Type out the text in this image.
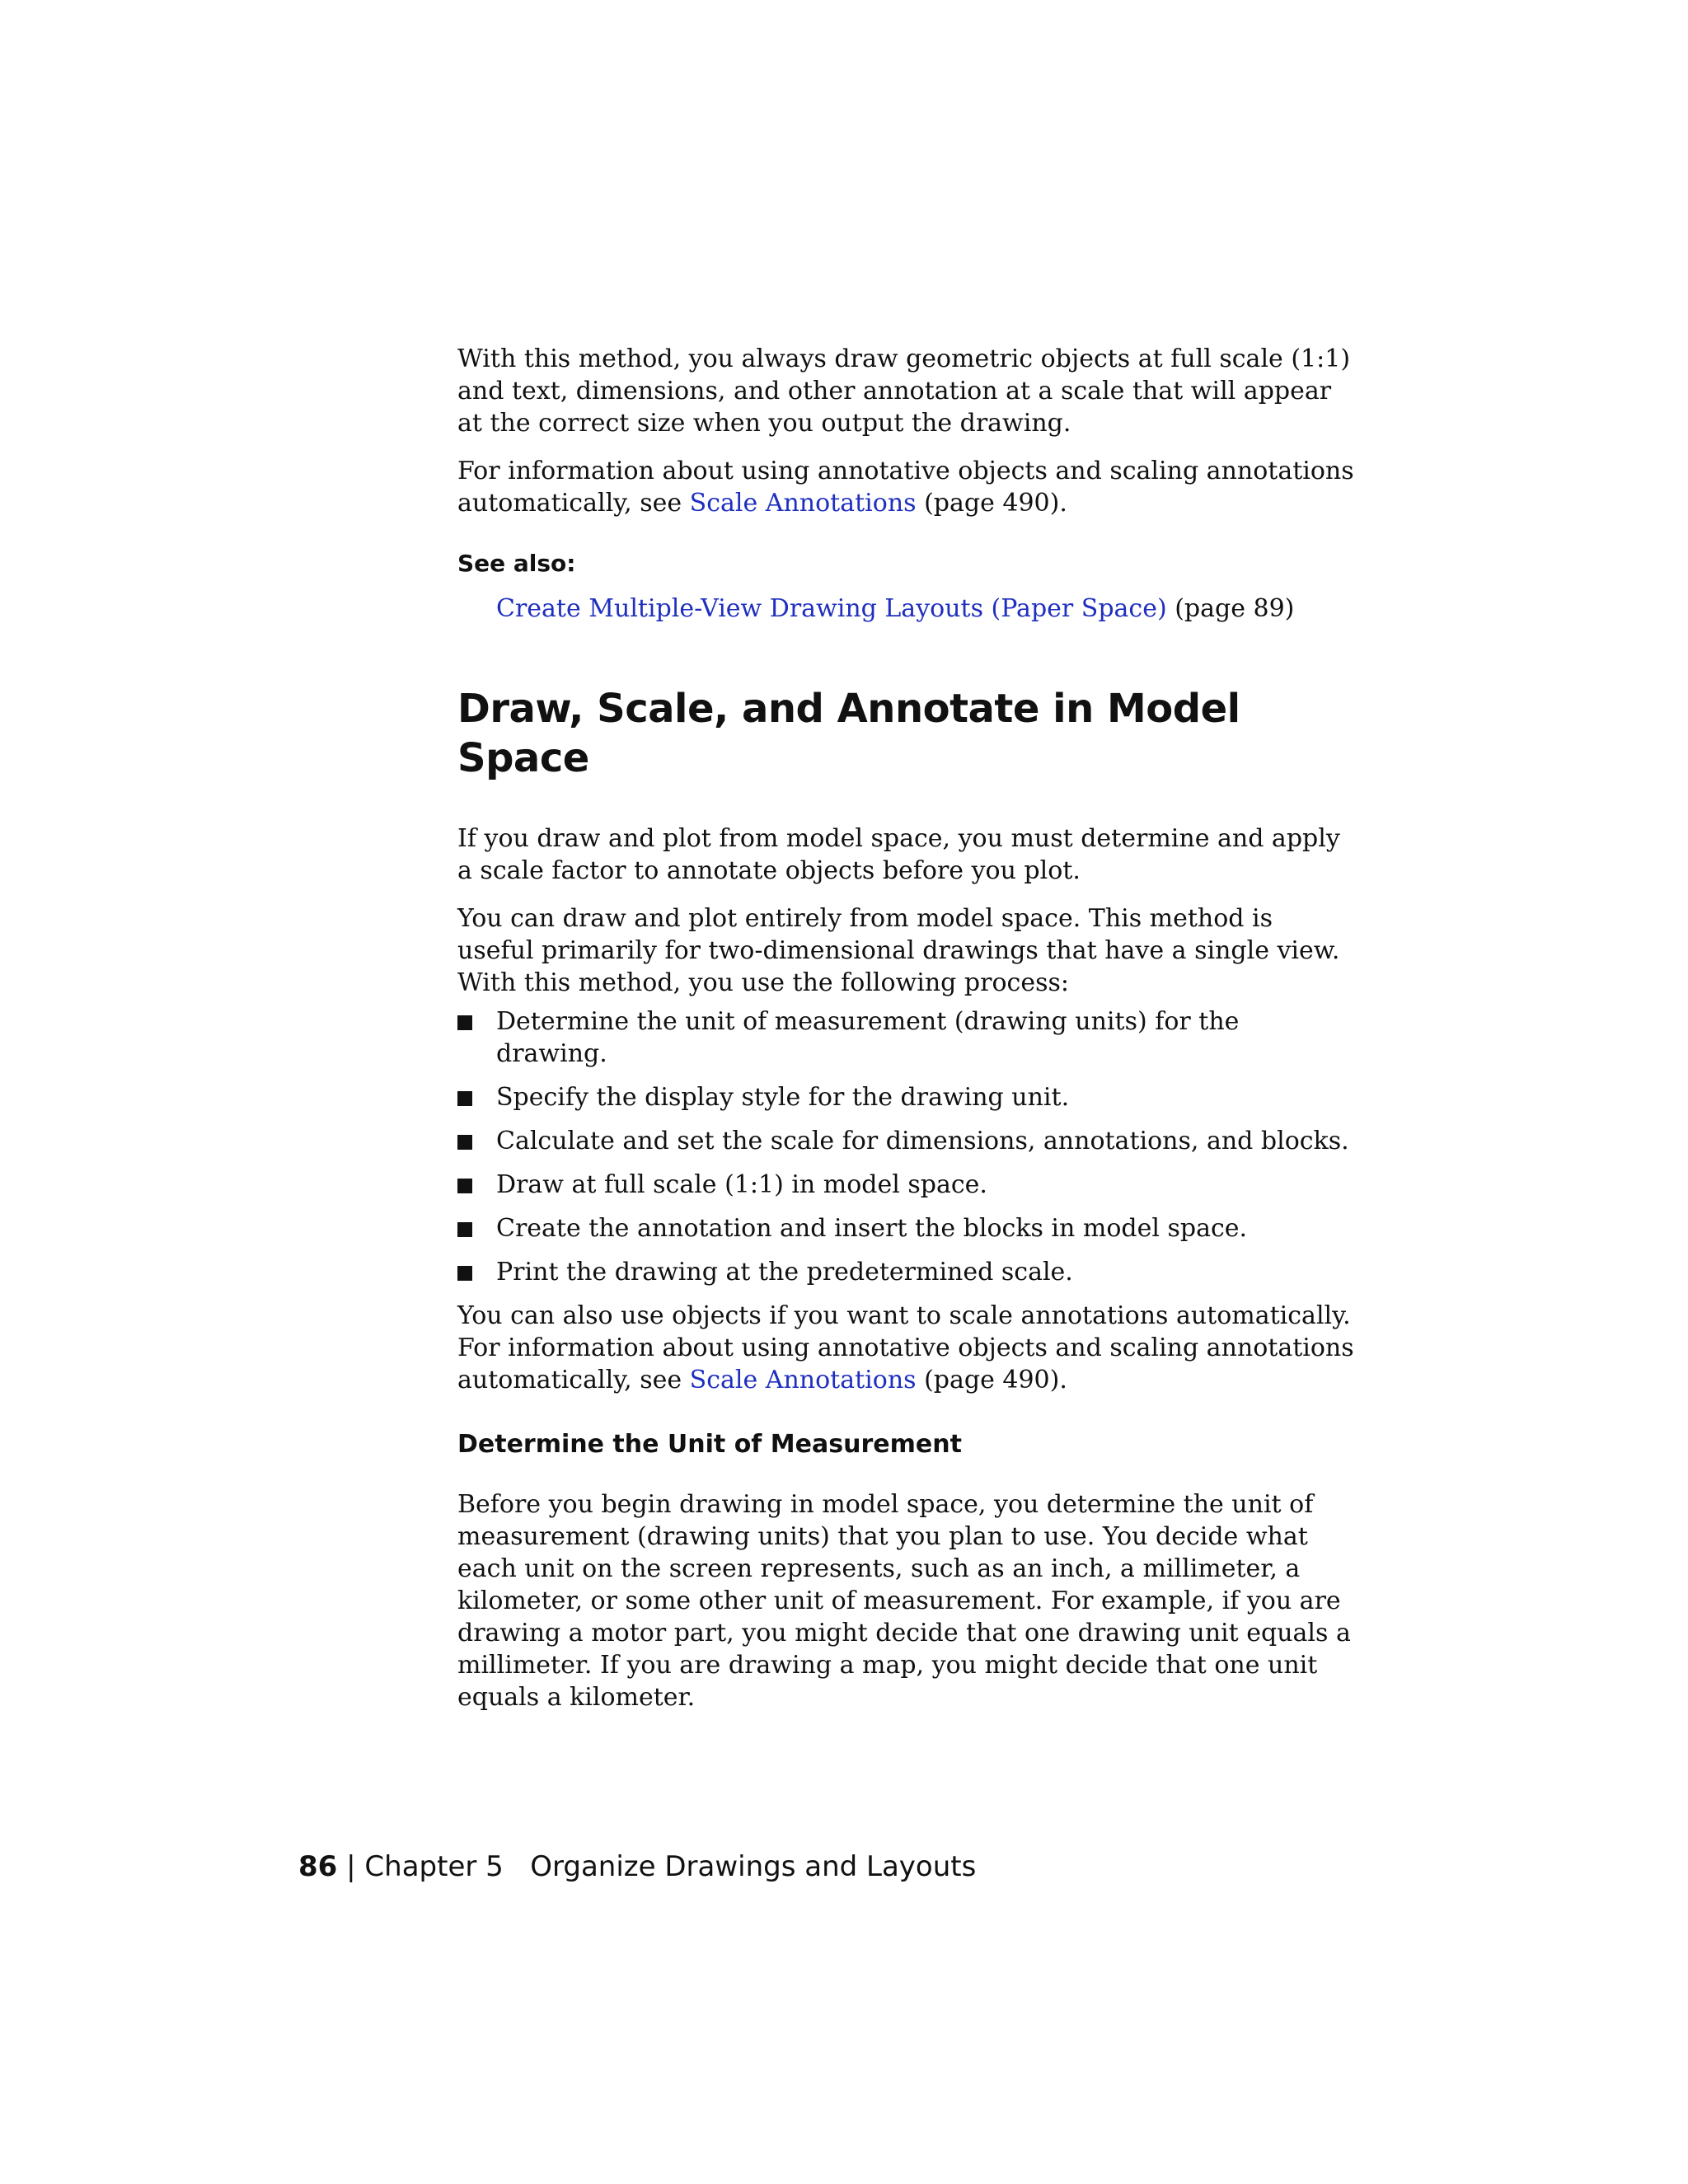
With this method, you always draw geometric objects at full scale (1:1) and text, dimensions, and other annotation at a scale that will appear at the correct size when you output the drawing.

For information about using annotative objects and scaling annotations automatically, see Scale Annotations (page 490).

See also:
Create Multiple-View Drawing Layouts (Paper Space) (page 89)
Draw, Scale, and Annotate in Model Space

If you draw and plot from model space, you must determine and apply a scale factor to annotate objects before you plot.

You can draw and plot entirely from model space. This method is useful primarily for two-dimensional drawings that have a single view. With this method, you use the following process:

Determine the unit of measurement (drawing units) for the drawing.
Specify the display style for the drawing unit.
Calculate and set the scale for dimensions, annotations, and blocks.
Draw at full scale (1:1) in model space.
Create the annotation and insert the blocks in model space.
Print the drawing at the predetermined scale.

You can also use objects if you want to scale annotations automatically. For information about using annotative objects and scaling annotations automatically, see Scale Annotations (page 490).

Determine the Unit of Measurement

Before you begin drawing in model space, you determine the unit of measurement (drawing units) that you plan to use. You decide what each unit on the screen represents, such as an inch, a millimeter, a kilometer, or some other unit of measurement. For example, if you are drawing a motor part, you might decide that one drawing unit equals a millimeter. If you are drawing a map, you might decide that one unit equals a kilometer.

86 | Chapter 5 Organize Drawings and Layouts
